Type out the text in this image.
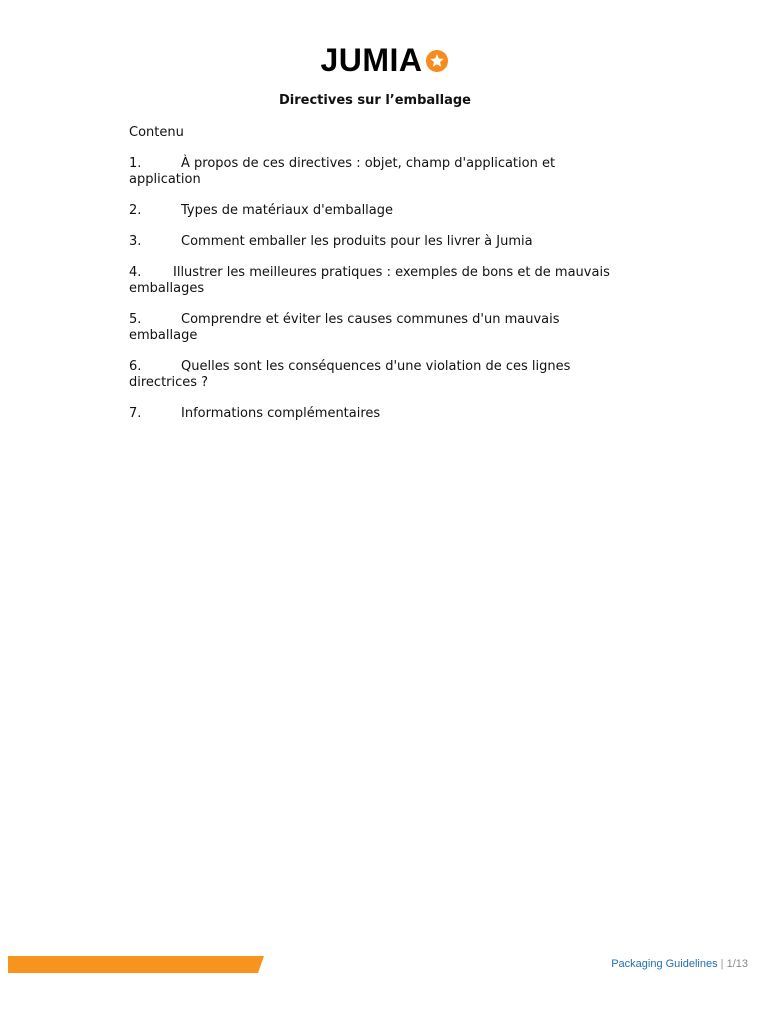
JUMIA
Directives sur l’emballage
Contenu
1.	À propos de ces directives : objet, champ d'application et application
2.	Types de matériaux d'emballage
3.	Comment emballer les produits pour les livrer à Jumia
4. Illustrer les meilleures pratiques : exemples de bons et de mauvais emballages
5.	Comprendre et éviter les causes communes d'un mauvais emballage
6.	Quelles sont les conséquences d'une violation de ces lignes directrices ?
7.	Informations complémentaires
Packaging Guidelines | 1/13
